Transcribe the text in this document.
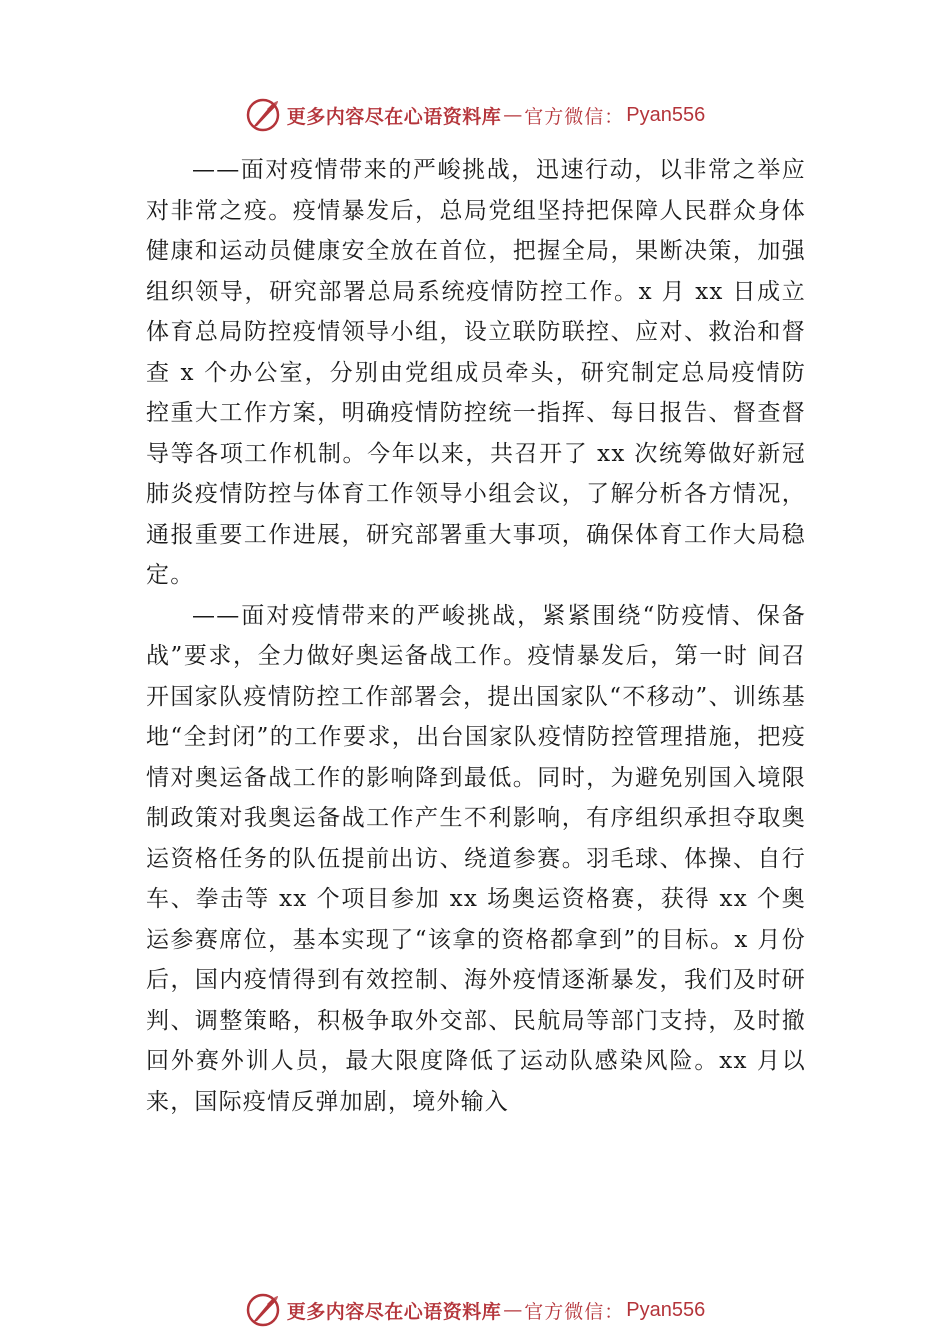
更多内容尽在心语资料库 — 官方微信： Pyan556

——面对疫情带来的严峻挑战，迅速行动，以非常之举应对非常之疫。疫情暴发后，总局党组坚持把保障人民群众身体健康和运动员健康安全放在首位，把握全局，果断决策，加强组织领导，研究部署总局系统疫情防控工作。x 月 xx 日成立体育总局防控疫情领导小组，设立联防联控、应对、救治和督查 x 个办公室，分别由党组成员牵头，研究制定总局疫情防控重大工作方案，明确疫情防控统一指挥、每日报告、督查督导等各项工作机制。今年以来，共召开了 xx 次统筹做好新冠肺炎疫情防控与体育工作领导小组会议，了解分析各方情况，通报重要工作进展，研究部署重大事项，确保体育工作大局稳定。

——面对疫情带来的严峻挑战，紧紧围绕“防疫情、保备战”要求，全力做好奥运备战工作。疫情暴发后，第一时 间召开国家队疫情防控工作部署会，提出国家队“不移动”、训练基地“全封闭”的工作要求，出台国家队疫情防控管理措施，把疫情对奥运备战工作的影响降到最低。同时，为避免别国入境限制政策对我奥运备战工作产生不利影响，有序组织承担夺取奥运资格任务的队伍提前出访、绕道参赛。羽毛球、体操、自行车、拳击等 xx 个项目参加 xx 场奥运资格赛，获得 xx 个奥运参赛席位，基本实现了“该拿的资格都拿到”的目标。x 月份后，国内疫情得到有效控制、海外疫情逐渐暴发，我们及时研判、调整策略，积极争取外交部、民航局等部门支持，及时撤回外赛外训人员，最大限度降低了运动队感染风险。xx 月以来，国际疫情反弹加剧，境外输入

更多内容尽在心语资料库 — 官方微信： Pyan556
